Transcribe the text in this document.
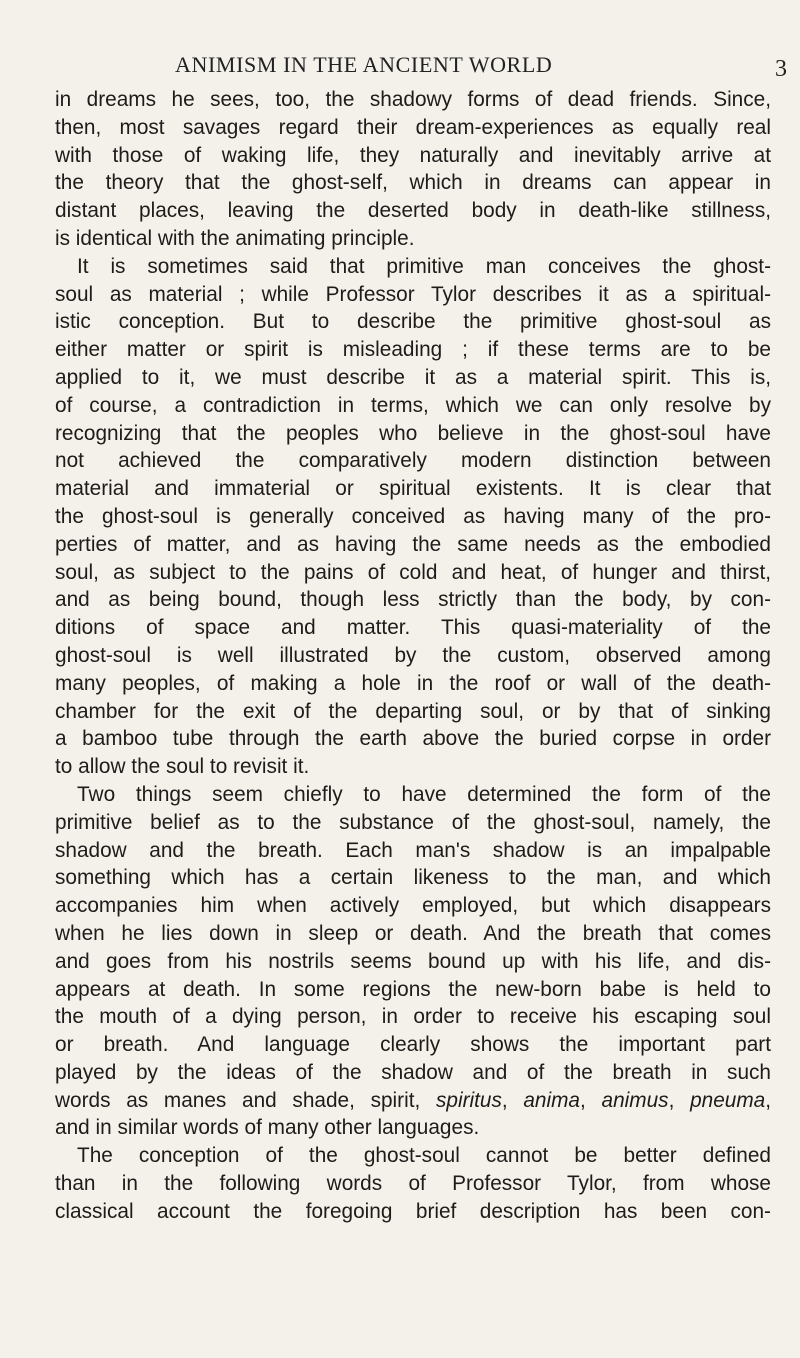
ANIMISM IN THE ANCIENT WORLD	3
in dreams he sees, too, the shadowy forms of dead friends. Since,
then, most savages regard their dream-experiences as equally real
with those of waking life, they naturally and inevitably arrive at
the theory that the ghost-self, which in dreams can appear in
distant places, leaving the deserted body in death-like stillness,
is identical with the animating principle.
It is sometimes said that primitive man conceives the ghost-
soul as material ; while Professor Tylor describes it as a spiritual-
istic conception. But to describe the primitive ghost-soul as
either matter or spirit is misleading ; if these terms are to be
applied to it, we must describe it as a material spirit. This is,
of course, a contradiction in terms, which we can only resolve by
recognizing that the peoples who believe in the ghost-soul have
not achieved the comparatively modern distinction between
material and immaterial or spiritual existents. It is clear that
the ghost-soul is generally conceived as having many of the pro-
perties of matter, and as having the same needs as the embodied
soul, as subject to the pains of cold and heat, of hunger and thirst,
and as being bound, though less strictly than the body, by con-
ditions of space and matter. This quasi-materiality of the
ghost-soul is well illustrated by the custom, observed among
many peoples, of making a hole in the roof or wall of the death-
chamber for the exit of the departing soul, or by that of sinking
a bamboo tube through the earth above the buried corpse in order
to allow the soul to revisit it.
Two things seem chiefly to have determined the form of the
primitive belief as to the substance of the ghost-soul, namely, the
shadow and the breath. Each man's shadow is an impalpable
something which has a certain likeness to the man, and which
accompanies him when actively employed, but which disappears
when he lies down in sleep or death. And the breath that comes
and goes from his nostrils seems bound up with his life, and dis-
appears at death. In some regions the new-born babe is held to
the mouth of a dying person, in order to receive his escaping soul
or breath. And language clearly shows the important part
played by the ideas of the shadow and of the breath in such
words as manes and shade, spirit, spiritus, anima, animus, pneuma,
and in similar words of many other languages.
The conception of the ghost-soul cannot be better defined
than in the following words of Professor Tylor, from whose
classical account the foregoing brief description has been con-
